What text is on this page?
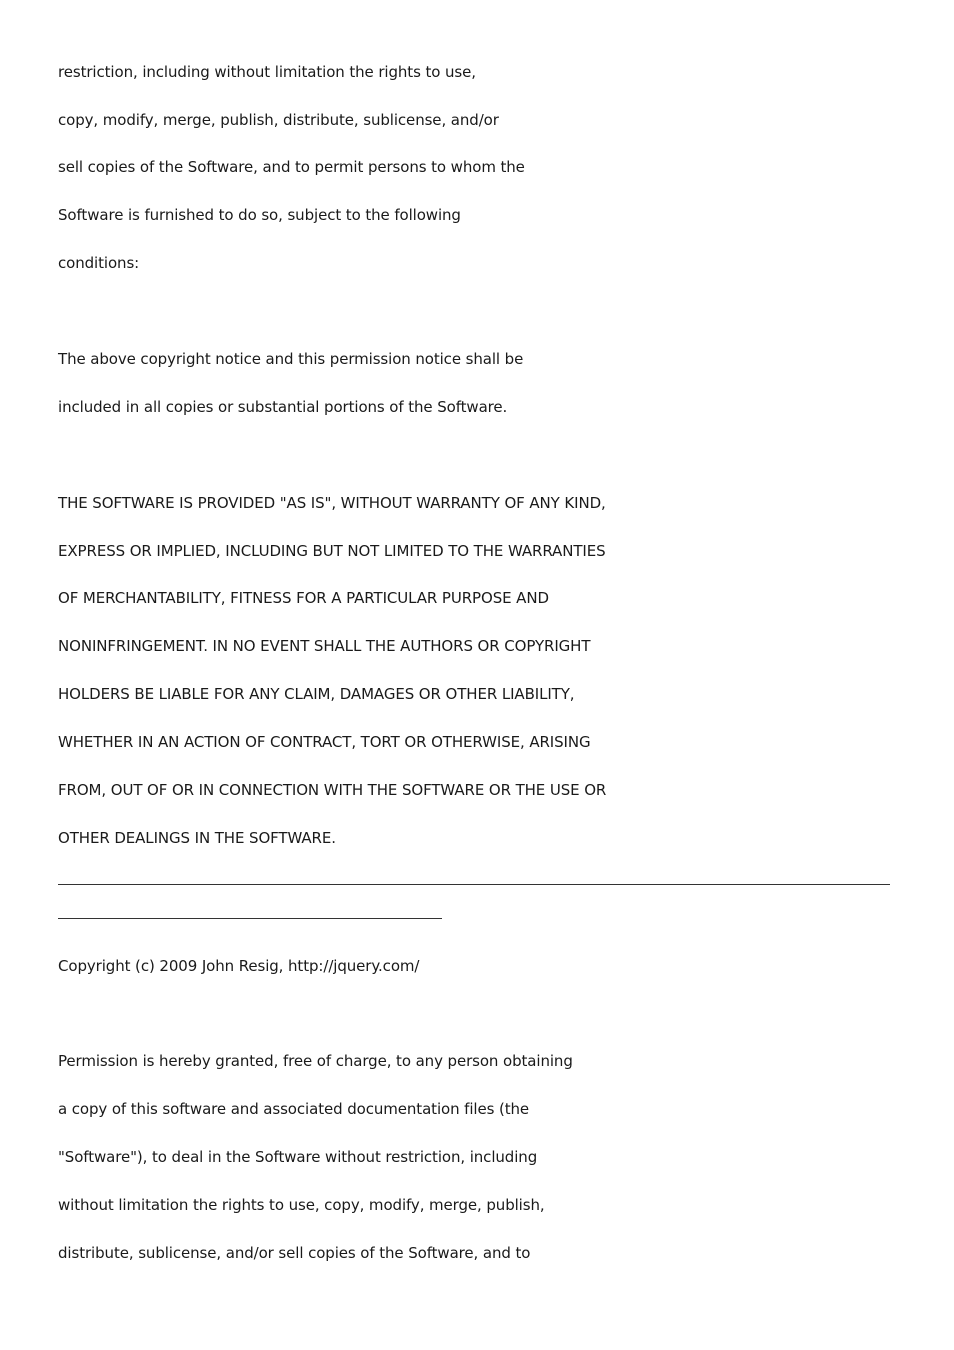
restriction, including without limitation the rights to use,
copy, modify, merge, publish, distribute, sublicense, and/or
sell copies of the Software, and to permit persons to whom the
Software is furnished to do so, subject to the following
conditions:
The above copyright notice and this permission notice shall be
included in all copies or substantial portions of the Software.
THE SOFTWARE IS PROVIDED "AS IS", WITHOUT WARRANTY OF ANY KIND,
EXPRESS OR IMPLIED, INCLUDING BUT NOT LIMITED TO THE WARRANTIES
OF MERCHANTABILITY, FITNESS FOR A PARTICULAR PURPOSE AND
NONINFRINGEMENT. IN NO EVENT SHALL THE AUTHORS OR COPYRIGHT
HOLDERS BE LIABLE FOR ANY CLAIM, DAMAGES OR OTHER LIABILITY,
WHETHER IN AN ACTION OF CONTRACT, TORT OR OTHERWISE, ARISING
FROM, OUT OF OR IN CONNECTION WITH THE SOFTWARE OR THE USE OR
OTHER DEALINGS IN THE SOFTWARE.
Copyright (c) 2009 John Resig, http://jquery.com/
Permission is hereby granted, free of charge, to any person obtaining
a copy of this software and associated documentation files (the
"Software"), to deal in the Software without restriction, including
without limitation the rights to use, copy, modify, merge, publish,
distribute, sublicense, and/or sell copies of the Software, and to
